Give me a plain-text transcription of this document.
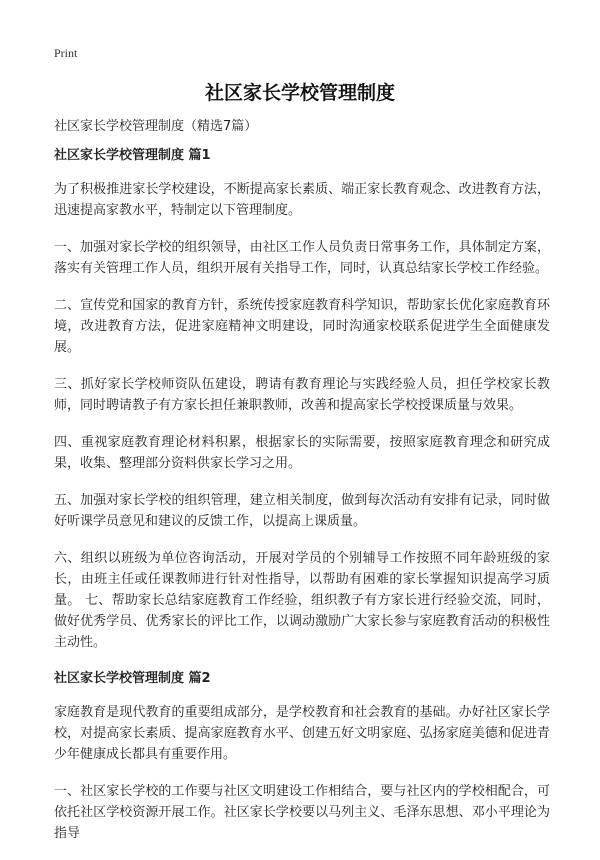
Print
社区家长学校管理制度

社区家长学校管理制度（精选7篇）

社区家长学校管理制度 篇1

为了积极推进家长学校建设，不断提高家长素质、端正家长教育观念、改进教育方法，迅速提高家教水平，特制定以下管理制度。

一、加强对家长学校的组织领导，由社区工作人员负责日常事务工作，具体制定方案，落实有关管理工作人员，组织开展有关指导工作，同时，认真总结家长学校工作经验。

二、宣传党和国家的教育方针，系统传授家庭教育科学知识，帮助家长优化家庭教育环境，改进教育方法，促进家庭精神文明建设，同时沟通家校联系促进学生全面健康发展。

三、抓好家长学校师资队伍建设，聘请有教育理论与实践经验人员，担任学校家长教师，同时聘请教子有方家长担任兼职教师，改善和提高家长学校授课质量与效果。

四、重视家庭教育理论材料积累，根据家长的实际需要，按照家庭教育理念和研究成果，收集、整理部分资料供家长学习之用。

五、加强对家长学校的组织管理，建立相关制度，做到每次活动有安排有记录，同时做好听课学员意见和建议的反馈工作，以提高上课质量。

六、组织以班级为单位咨询活动，开展对学员的个别辅导工作按照不同年龄班级的家长，由班主任或任课教师进行针对性指导，以帮助有困难的家长掌握知识提高学习质量。 七、帮助家长总结家庭教育工作经验，组织教子有方家长进行经验交流，同时，做好优秀学员、优秀家长的评比工作，以调动激励广大家长参与家庭教育活动的积极性主动性。

社区家长学校管理制度 篇2

家庭教育是现代教育的重要组成部分，是学校教育和社会教育的基础。办好社区家长学校，对提高家长素质、提高家庭教育水平、创建五好文明家庭、弘扬家庭美德和促进青少年健康成长都具有重要作用。

一、社区家长学校的工作要与社区文明建设工作相结合，要与社区内的学校相配合，可依托社区学校资源开展工作。社区家长学校要以马列主义、毛泽东思想、邓小平理论为指导
